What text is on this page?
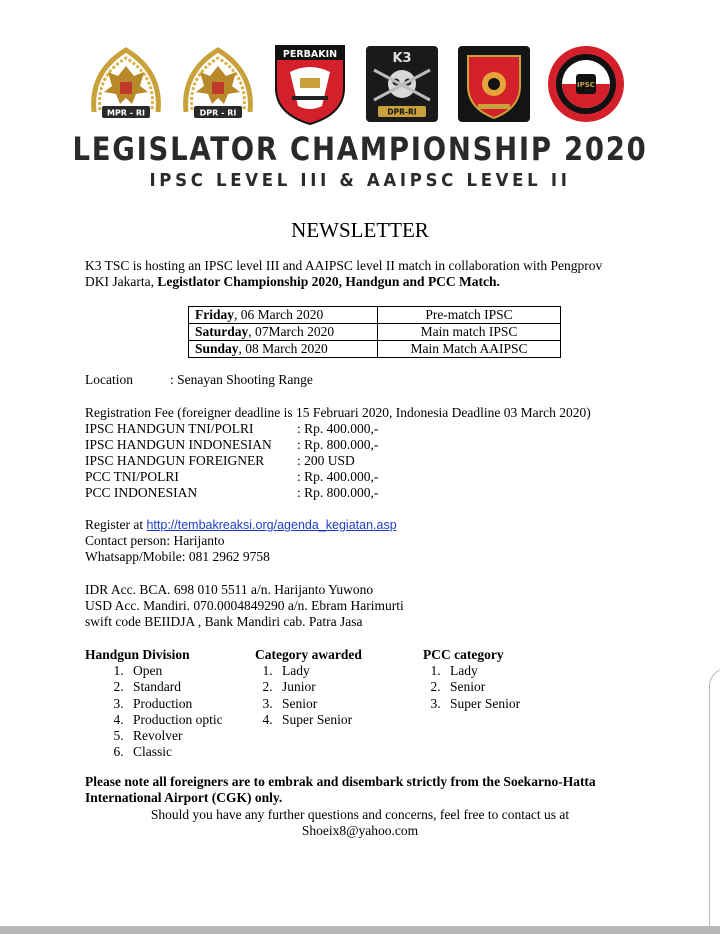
MPR - RI	DPR - RI
PERBAKIN	K3
DPR-RI
IPSC
LEGISLATOR CHAMPIONSHIP 2020
IPSC LEVEL III & AAIPSC LEVEL II
NEWSLETTER
K3 TSC is hosting an IPSC level III and AAIPSC level II match in collaboration with Pengprov DKI Jakarta, Legistlator Championship 2020, Handgun and PCC Match.
Friday, 06 March 2020	Pre-match IPSC
Saturday, 07March 2020	Main match IPSC
Sunday, 08 March 2020	Main Match AAIPSC
Location	: Senayan Shooting Range
Registration Fee (foreigner deadline is 15 Februari 2020, Indonesia Deadline 03 March 2020)
IPSC HANDGUN TNI/POLRI	: Rp. 400.000,-
IPSC HANDGUN INDONESIAN	: Rp. 800.000,-
IPSC HANDGUN FOREIGNER	: 200 USD
PCC TNI/POLRI	: Rp. 400.000,-
PCC INDONESIAN	: Rp. 800.000,-
Register at http://tembakreaksi.org/agenda_kegiatan.asp
Contact person: Harijanto
Whatsapp/Mobile: 081 2962 9758
IDR Acc. BCA. 698 010 5511 a/n. Harijanto Yuwono
USD Acc. Mandiri. 070.0004849290 a/n. Ebram Harimurti
swift code BEIIDJA , Bank Mandiri cab. Patra Jasa
Handgun Division
1. Open
2. Standard
3. Production
4. Production optic
5. Revolver
6. Classic
Category awarded
1. Lady
2. Junior
3. Senior
4. Super Senior
PCC category
1. Lady
2. Senior
3. Super Senior
Please note all foreigners are to embrak and disembark strictly from the Soekarno-Hatta International Airport (CGK) only.
Should you have any further questions and concerns, feel free to contact us at
Shoeix8@yahoo.com
